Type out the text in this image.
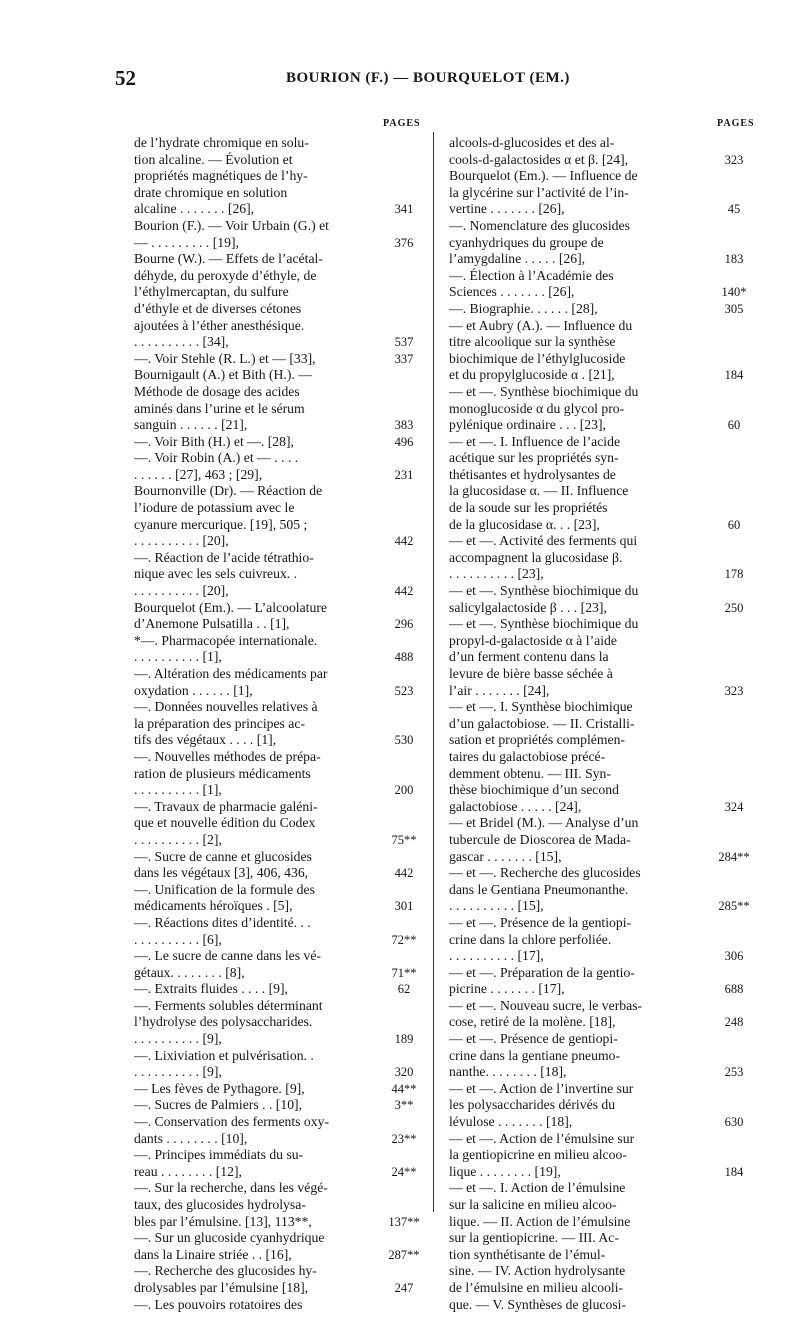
52	BOURION (F.) — BOURQUELOT (EM.)
PAGES	PAGES
de l’hydrate chromique en solu-
tion alcaline. — Évolution et
propriétés magnétiques de l’hy-
drate chromique en solution
alcaline . . . . . . . [26],	341
Bourion (F.). — Voir Urbain (G.) et
— . . . . . . . . . [19],	376
Bourne (W.). — Effets de l’acétal-
déhyde, du peroxyde d’éthyle, de
l’éthylmercaptan, du sulfure
d’éthyle et de diverses cétones
ajoutées à l’éther anesthésique.
. . . . . . . . . . [34],	537
—. Voir Stehle (R. L.) et — [33],	337
Bournigault (A.) et Bith (H.). —
Méthode de dosage des acides
aminés dans l’urine et le sérum
sanguin . . . . . . [21],	383
—. Voir Bith (H.) et —. [28],	496
—. Voir Robin (A.) et — . . . .
. . . . . . [27], 463 ; [29],	231
Bournonville (Dr). — Réaction de
l’iodure de potassium avec le
cyanure mercurique. [19], 505 ;
. . . . . . . . . . [20],	442
—. Réaction de l’acide tétrathio-
nique avec les sels cuivreux. .
. . . . . . . . . . [20],	442
Bourquelot (Em.). — L’alcoolature
d’Anemone Pulsatilla . . [1],	296
*—. Pharmacopée internationale.
. . . . . . . . . . [1],	488
—. Altération des médicaments par
oxydation . . . . . . [1],	523
—. Données nouvelles relatives à
la préparation des principes ac-
tifs des végétaux . . . . [1],	530
—. Nouvelles méthodes de prépa-
ration de plusieurs médicaments
. . . . . . . . . . [1],	200
—. Travaux de pharmacie galéni-
que et nouvelle édition du Codex
. . . . . . . . . . [2],	75**
—. Sucre de canne et glucosides
dans les végétaux [3], 406, 436,	442
—. Unification de la formule des
médicaments héroïques . [5],	301
—. Réactions dites d’identité. . .
. . . . . . . . . . [6],	72**
—. Le sucre de canne dans les vé-
gétaux. . . . . . . . [8],	71**
—. Extraits fluides . . . . [9],	62
—. Ferments solubles déterminant
l’hydrolyse des polysaccharides.
. . . . . . . . . . [9],	189
—. Lixiviation et pulvérisation. .
. . . . . . . . . . [9],	320
— Les fèves de Pythagore. [9],	44**
—. Sucres de Palmiers . . [10],	3**
—. Conservation des ferments oxy-
dants . . . . . . . . [10],	23**
—. Principes immédiats du su-
reau . . . . . . . . [12],	24**
—. Sur la recherche, dans les végé-
taux, des glucosides hydrolysa-
bles par l’émulsine. [13], 113**,	137**
—. Sur un glucoside cyanhydrique
dans la Linaire striée . . [16],	287**
—. Recherche des glucosides hy-
drolysables par l’émulsine [18],	247
—. Les pouvoirs rotatoires des
alcools-d-glucosides et des al-
cools-d-galactosides α et β. [24],	323
Bourquelot (Em.). — Influence de
la glycérine sur l’activité de l’in-
vertine . . . . . . . [26],	45
—. Nomenclature des glucosides
cyanhydriques du groupe de
l’amygdaline . . . . . [26],	183
—. Élection à l’Académie des
Sciences . . . . . . . [26],	140*
—. Biographie. . . . . . [28],	305
— et Aubry (A.). — Influence du
titre alcoolique sur la synthèse
biochimique de l’éthylglucoside
et du propylglucoside α . [21],	184
— et —. Synthèse biochimique du
monoglucoside α du glycol pro-
pylénique ordinaire . . . [23],	60
— et —. I. Influence de l’acide
acétique sur les propriétés syn-
thétisantes et hydrolysantes de
la glucosidase α. — II. Influence
de la soude sur les propriétés
de la glucosidase α. . . [23],	60
— et —. Activité des ferments qui
accompagnent la glucosidase β.
. . . . . . . . . . [23],	178
— et —. Synthèse biochimique du
salicylgalactoside β . . . [23],	250
— et —. Synthèse biochimique du
propyl-d-galactoside α à l’aide
d’un ferment contenu dans la
levure de bière basse séchée à
l’air . . . . . . . [24],	323
— et —. I. Synthèse biochimique
d’un galactobiose. — II. Cristalli-
sation et propriétés complémen-
taires du galactobiose précé-
demment obtenu. — III. Syn-
thèse biochimique d’un second
galactobiose . . . . . [24],	324
— et Bridel (M.). — Analyse d’un
tubercule de Dioscorea de Mada-
gascar . . . . . . . [15],	284**
— et —. Recherche des glucosides
dans le Gentiana Pneumonanthe.
. . . . . . . . . . [15],	285**
— et —. Présence de la gentiopi-
crine dans la chlore perfoliée.
. . . . . . . . . . [17],	306
— et —. Préparation de la gentio-
picrine . . . . . . . [17],	688
— et —. Nouveau sucre, le verbas-
cose, retiré de la molène. [18],	248
— et —. Présence de gentiopi-
crine dans la gentiane pneumo-
nanthe. . . . . . . . [18],	253
— et —. Action de l’invertine sur
les polysaccharides dérivés du
lévulose . . . . . . . [18],	630
— et —. Action de l’émulsine sur
la gentiopicrine en milieu alcoo-
lique . . . . . . . . [19],	184
— et —. I. Action de l’émulsine
sur la salicine en milieu alcoo-
lique. — II. Action de l’émulsine
sur la gentiopicrine. — III. Ac-
tion synthétisante de l’émul-
sine. — IV. Action hydrolysante
de l’émulsine en milieu alcooli-
que. — V. Synthèses de glucosi-
